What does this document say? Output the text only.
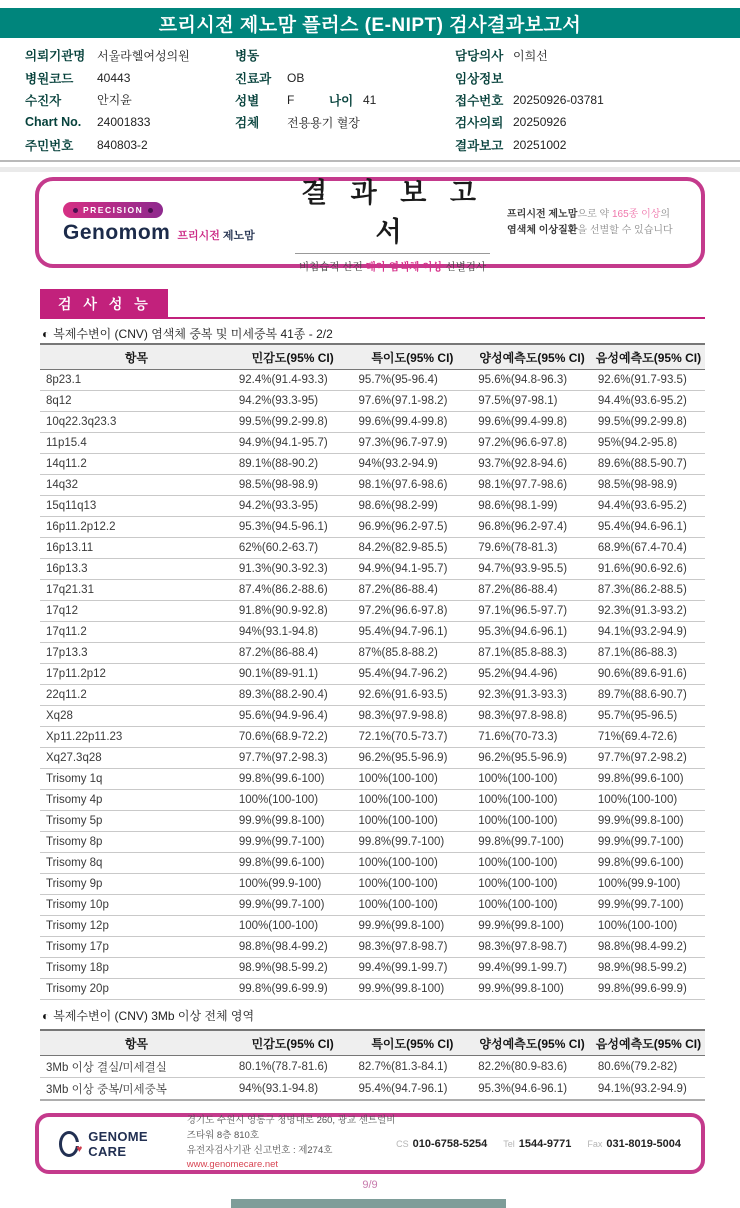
프리시전 제노맘 플러스 (E-NIPT) 검사결과보고서
의뢰기관명 서울라헬여성의원
병원코드	40443
수진자	안지윤
Chart No.	24001833
주민번호	840803-2
병동
진료과	OB
성별	F	나이 41
검체	전용용기 혈장
담당의사 이희선
임상정보
접수번호 20250926-03781
검사의뢰 20250926
결과보고 20251002
PRECISION
Genomom 프리시전 제노맘
결 과 보 고 서
비침습적 산전 태아 염색체 이상 선별검사
프리시전 제노맘으로 약 165종 이상의
염색체 이상질환을 선별할 수 있습니다
검 사 성 능
◐ 복제수변이 (CNV) 염색체 중복 및 미세중복 41종 - 2/2
항목	민감도(95% CI)	특이도(95% CI)	양성예측도(95% CI)	음성예측도(95% CI)
8p23.1	92.4%(91.4-93.3)	95.7%(95-96.4)	95.6%(94.8-96.3)	92.6%(91.7-93.5)
8q12	94.2%(93.3-95)	97.6%(97.1-98.2)	97.5%(97-98.1)	94.4%(93.6-95.2)
10q22.3q23.3	99.5%(99.2-99.8)	99.6%(99.4-99.8)	99.6%(99.4-99.8)	99.5%(99.2-99.8)
11p15.4	94.9%(94.1-95.7)	97.3%(96.7-97.9)	97.2%(96.6-97.8)	95%(94.2-95.8)
14q11.2	89.1%(88-90.2)	94%(93.2-94.9)	93.7%(92.8-94.6)	89.6%(88.5-90.7)
14q32	98.5%(98-98.9)	98.1%(97.6-98.6)	98.1%(97.7-98.6)	98.5%(98-98.9)
15q11q13	94.2%(93.3-95)	98.6%(98.2-99)	98.6%(98.1-99)	94.4%(93.6-95.2)
16p11.2p12.2	95.3%(94.5-96.1)	96.9%(96.2-97.5)	96.8%(96.2-97.4)	95.4%(94.6-96.1)
16p13.11	62%(60.2-63.7)	84.2%(82.9-85.5)	79.6%(78-81.3)	68.9%(67.4-70.4)
16p13.3	91.3%(90.3-92.3)	94.9%(94.1-95.7)	94.7%(93.9-95.5)	91.6%(90.6-92.6)
17q21.31	87.4%(86.2-88.6)	87.2%(86-88.4)	87.2%(86-88.4)	87.3%(86.2-88.5)
17q12	91.8%(90.9-92.8)	97.2%(96.6-97.8)	97.1%(96.5-97.7)	92.3%(91.3-93.2)
17q11.2	94%(93.1-94.8)	95.4%(94.7-96.1)	95.3%(94.6-96.1)	94.1%(93.2-94.9)
17p13.3	87.2%(86-88.4)	87%(85.8-88.2)	87.1%(85.8-88.3)	87.1%(86-88.3)
17p11.2p12	90.1%(89-91.1)	95.4%(94.7-96.2)	95.2%(94.4-96)	90.6%(89.6-91.6)
22q11.2	89.3%(88.2-90.4)	92.6%(91.6-93.5)	92.3%(91.3-93.3)	89.7%(88.6-90.7)
Xq28	95.6%(94.9-96.4)	98.3%(97.9-98.8)	98.3%(97.8-98.8)	95.7%(95-96.5)
Xp11.22p11.23	70.6%(68.9-72.2)	72.1%(70.5-73.7)	71.6%(70-73.3)	71%(69.4-72.6)
Xq27.3q28	97.7%(97.2-98.3)	96.2%(95.5-96.9)	96.2%(95.5-96.9)	97.7%(97.2-98.2)
Trisomy 1q	99.8%(99.6-100)	100%(100-100)	100%(100-100)	99.8%(99.6-100)
Trisomy 4p	100%(100-100)	100%(100-100)	100%(100-100)	100%(100-100)
Trisomy 5p	99.9%(99.8-100)	100%(100-100)	100%(100-100)	99.9%(99.8-100)
Trisomy 8p	99.9%(99.7-100)	99.8%(99.7-100)	99.8%(99.7-100)	99.9%(99.7-100)
Trisomy 8q	99.8%(99.6-100)	100%(100-100)	100%(100-100)	99.8%(99.6-100)
Trisomy 9p	100%(99.9-100)	100%(100-100)	100%(100-100)	100%(99.9-100)
Trisomy 10p	99.9%(99.7-100)	100%(100-100)	100%(100-100)	99.9%(99.7-100)
Trisomy 12p	100%(100-100)	99.9%(99.8-100)	99.9%(99.8-100)	100%(100-100)
Trisomy 17p	98.8%(98.4-99.2)	98.3%(97.8-98.7)	98.3%(97.8-98.7)	98.8%(98.4-99.2)
Trisomy 18p	98.9%(98.5-99.2)	99.4%(99.1-99.7)	99.4%(99.1-99.7)	98.9%(98.5-99.2)
Trisomy 20p	99.8%(99.6-99.9)	99.9%(99.8-100)	99.9%(99.8-100)	99.8%(99.6-99.9)
◐ 복제수변이 (CNV) 3Mb 이상 전체 영역
항목	민감도(95% CI)	특이도(95% CI)	양성예측도(95% CI)	음성예측도(95% CI)
3Mb 이상 결실/미세결실	80.1%(78.7-81.6)	82.7%(81.3-84.1)	82.2%(80.9-83.6)	80.6%(79.2-82)
3Mb 이상 중복/미세중복	94%(93.1-94.8)	95.4%(94.7-96.1)	95.3%(94.6-96.1)	94.1%(93.2-94.9)
♥
GENOME CARE
경기도 수원시 영통구 청명대로 260, 광교 센트럴비즈타워 8층 810호
유전자검사기관 신고번호 : 제274호
www.genomecare.net
CS 010-6758-5254 Tel 1544-9771 Fax 031-8019-5004
9/9
